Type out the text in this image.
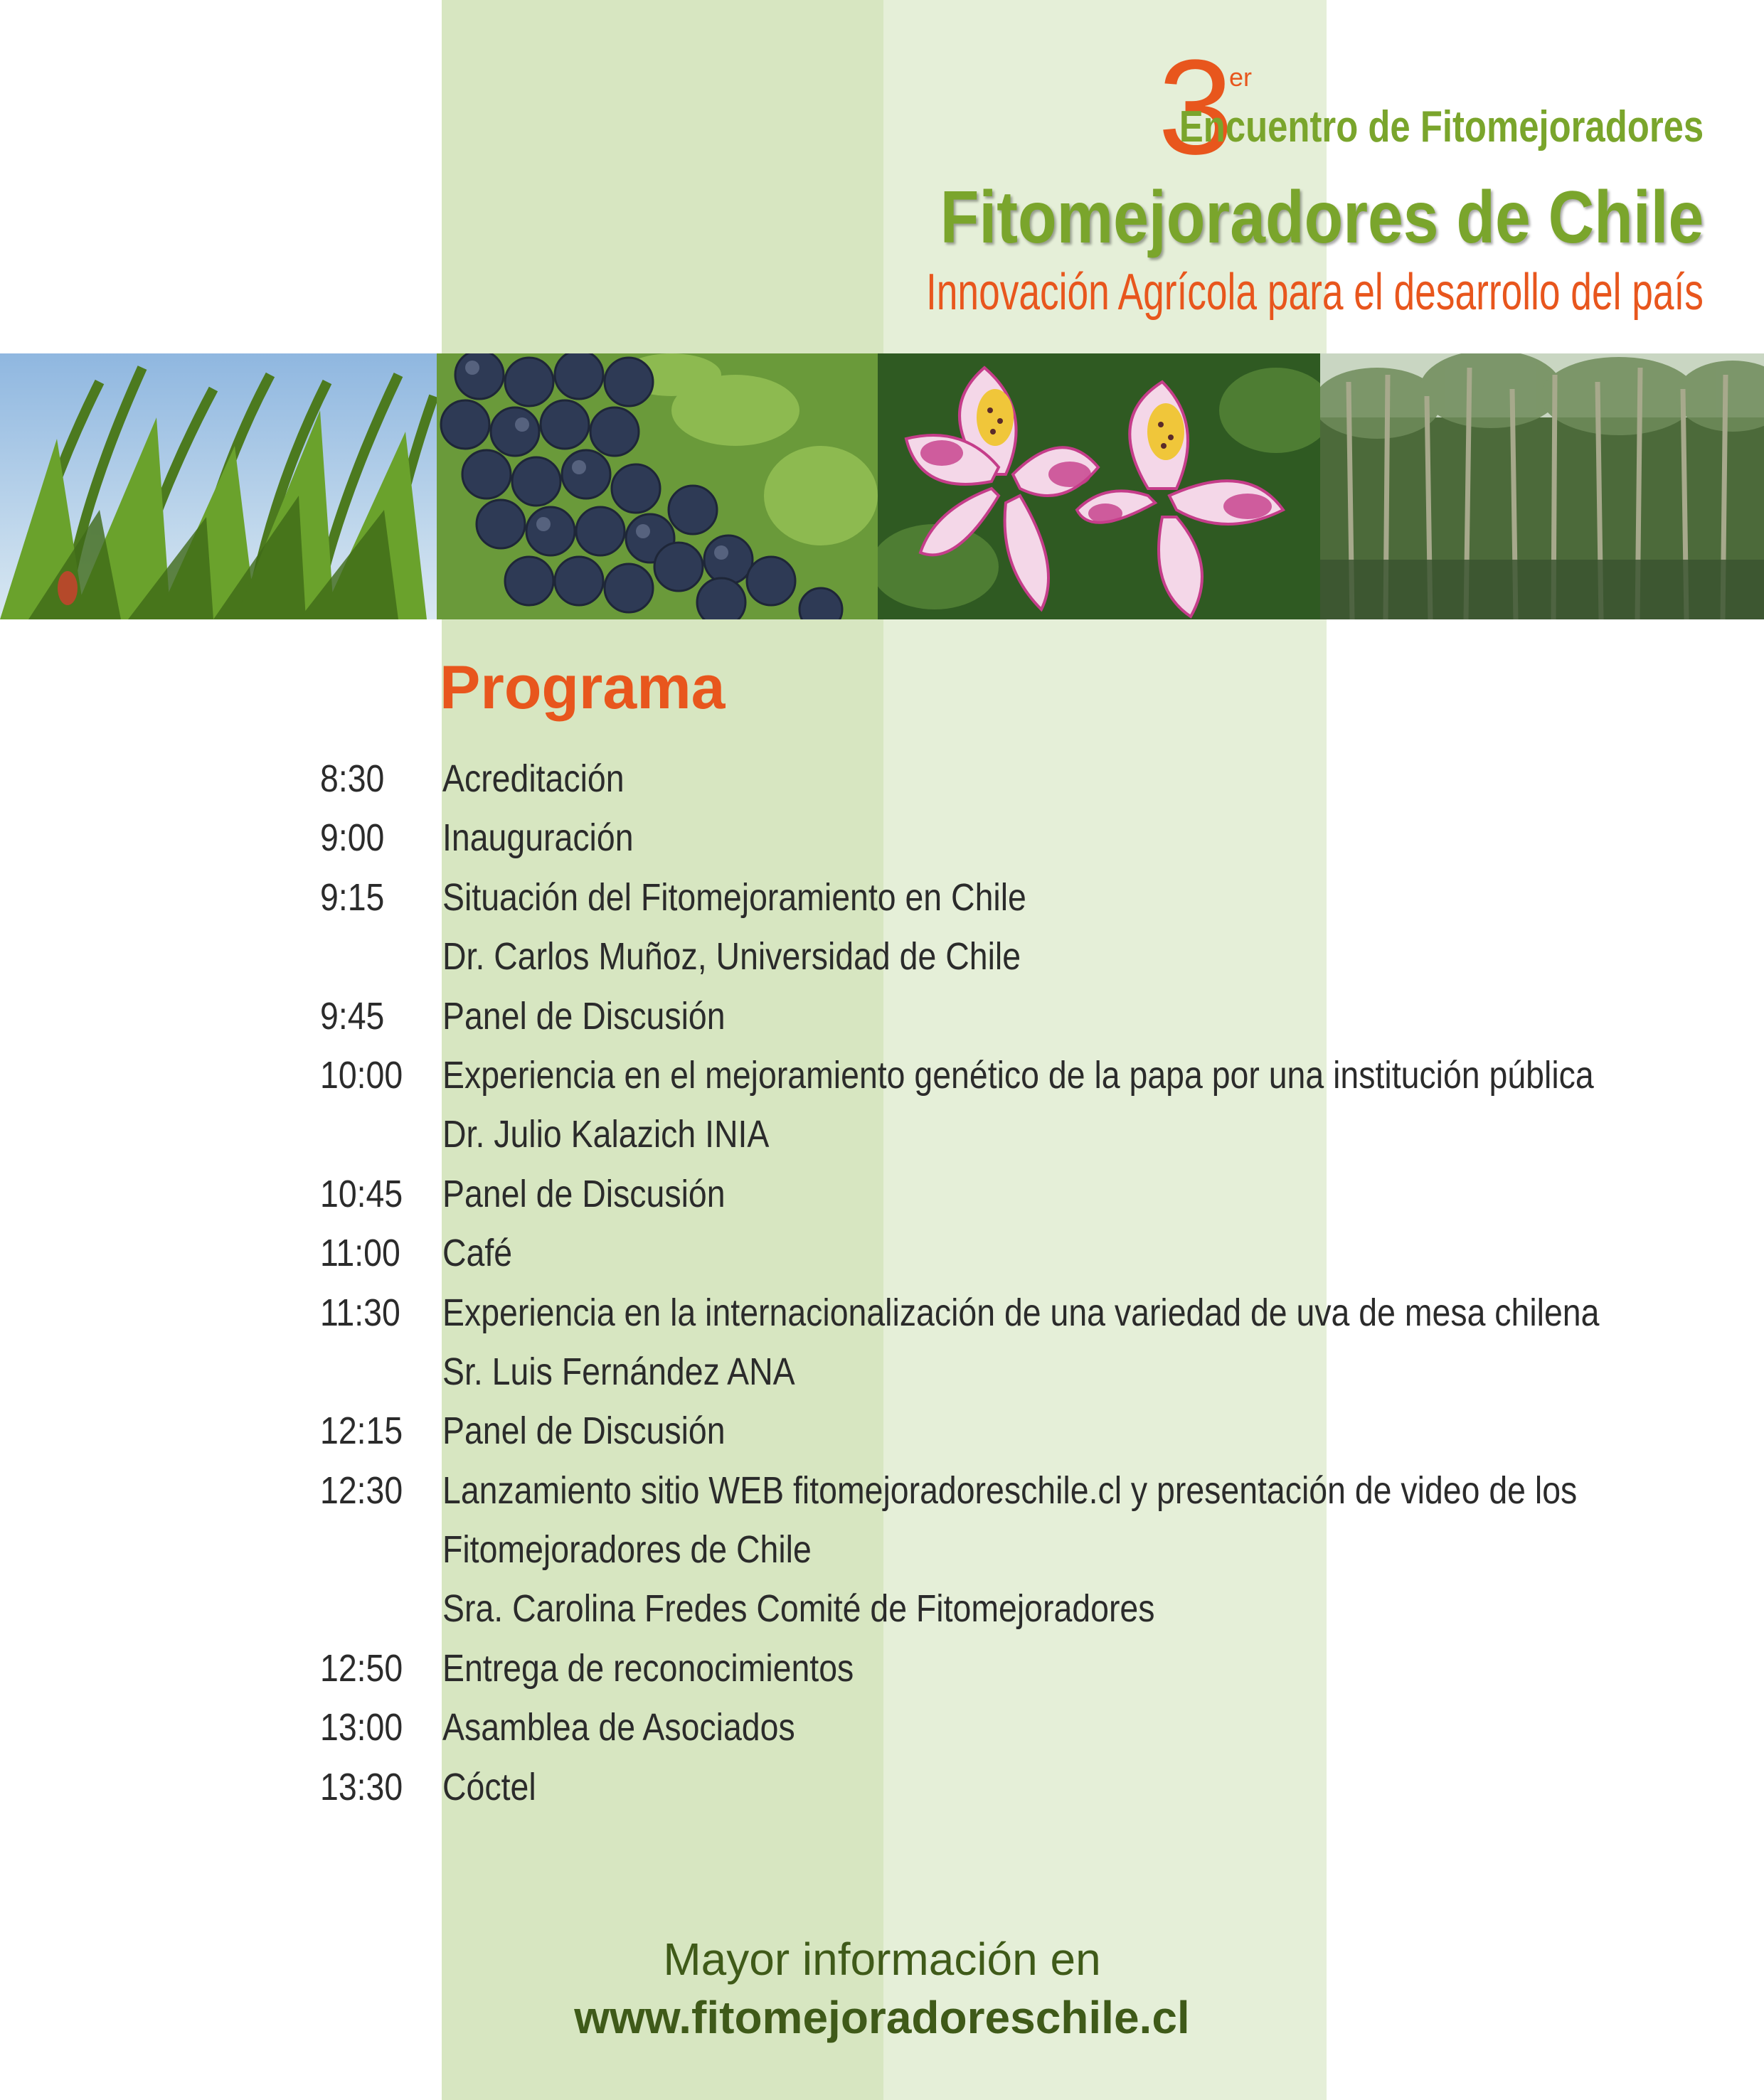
3
er
Encuentro de Fitomejoradores
Fitomejoradores de Chile
Innovación Agrícola para el desarrollo del país
Programa
8:30 Acreditación
9:00 Inauguración
9:15 Situación del Fitomejoramiento en Chile
Dr. Carlos Muñoz, Universidad de Chile
9:45 Panel de Discusión
10:00 Experiencia en el mejoramiento genético de la papa por una institución pública
Dr. Julio Kalazich INIA
10:45 Panel de Discusión
11:00 Café
11:30 Experiencia en la internacionalización de una variedad de uva de mesa chilena
Sr. Luis Fernández ANA
12:15 Panel de Discusión
12:30 Lanzamiento sitio WEB fitomejoradoreschile.cl y presentación de video de los
Fitomejoradores de Chile
Sra. Carolina Fredes Comité de Fitomejoradores
12:50 Entrega de reconocimientos
13:00 Asamblea de Asociados
13:30 Cóctel
Mayor información en
www.fitomejoradoreschile.cl
